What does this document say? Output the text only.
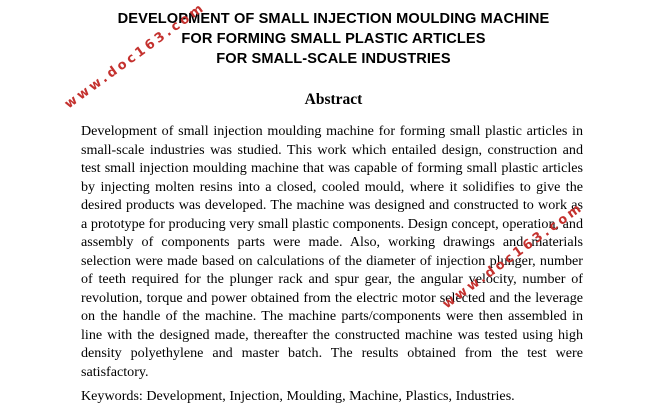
DEVELOPMENT OF SMALL INJECTION MOULDING MACHINE
FOR FORMING SMALL PLASTIC ARTICLES
FOR SMALL-SCALE INDUSTRIES
Abstract
Development of small injection moulding machine for forming small plastic articles in small-scale industries was studied. This work which entailed design, construction and test small injection moulding machine that was capable of forming small plastic articles by injecting molten resins into a closed, cooled mould, where it solidifies to give the desired products was developed. The machine was designed and constructed to work as a prototype for producing very small plastic components. Design concept, operation, and assembly of components parts were made. Also, working drawings and materials selection were made based on calculations of the diameter of injection plunger, number of teeth required for the plunger rack and spur gear, the angular velocity, number of revolution, torque and power obtained from the electric motor selected and the leverage on the handle of the machine. The machine parts/components were then assembled in line with the designed made, thereafter the constructed machine was tested using high density polyethylene and master batch. The results obtained from the test were satisfactory.
Keywords: Development, Injection, Moulding, Machine, Plastics, Industries.
www.doc163.com
www.doc163.com
